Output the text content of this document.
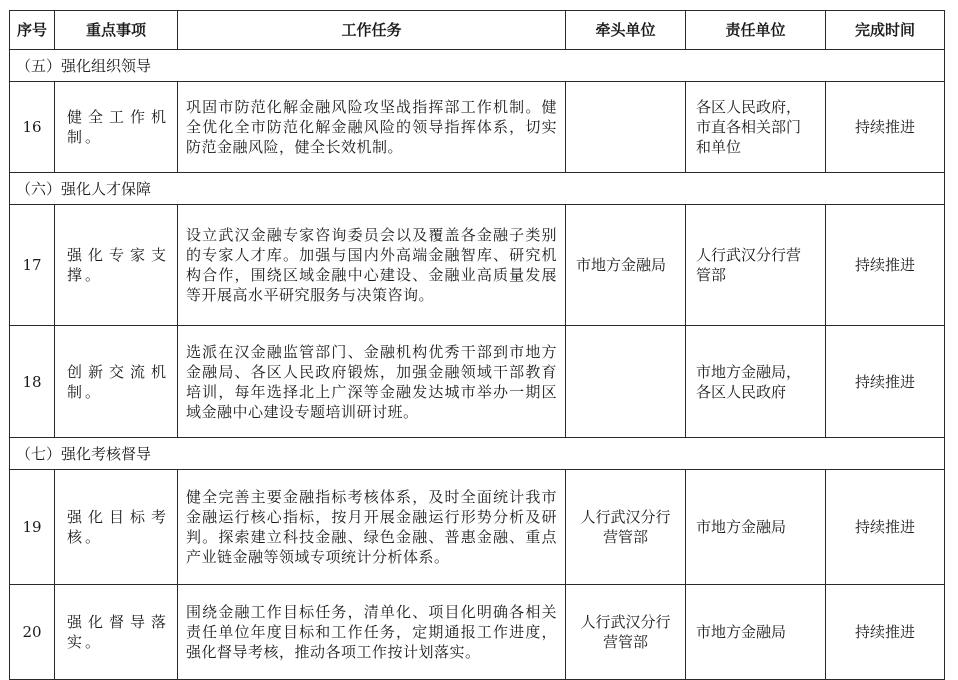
序号	重点事项	工作任务	牵头单位	责任单位	完成时间
（五）强化组织领导					
16	健全工作机制。	巩固市防范化解金融风险攻坚战指挥部工作机制。健全优化全市防范化解金融风险的领导指挥体系，切实防范金融风险，健全长效机制。		各区人民政府，市直各相关部门和单位	持续推进
（六）强化人才保障					
17	强化专家支撑。	设立武汉金融专家咨询委员会以及覆盖各金融子类别的专家人才库。加强与国内外高端金融智库、研究机构合作，围绕区域金融中心建设、金融业高质量发展等开展高水平研究服务与决策咨询。	市地方金融局	人行武汉分行营管部	持续推进
18	创新交流机制。	选派在汉金融监管部门、金融机构优秀干部到市地方金融局、各区人民政府锻炼，加强金融领域干部教育培训，每年选择北上广深等金融发达城市举办一期区域金融中心建设专题培训研讨班。		市地方金融局，各区人民政府	持续推进
（七）强化考核督导					
19	强化目标考核。	健全完善主要金融指标考核体系，及时全面统计我市金融运行核心指标，按月开展金融运行形势分析及研判。探索建立科技金融、绿色金融、普惠金融、重点产业链金融等领域专项统计分析体系。	人行武汉分行营管部	市地方金融局	持续推进
20	强化督导落实。	围绕金融工作目标任务，清单化、项目化明确各相关责任单位年度目标和工作任务，定期通报工作进度，强化督导考核，推动各项工作按计划落实。	人行武汉分行营管部	市地方金融局	持续推进
